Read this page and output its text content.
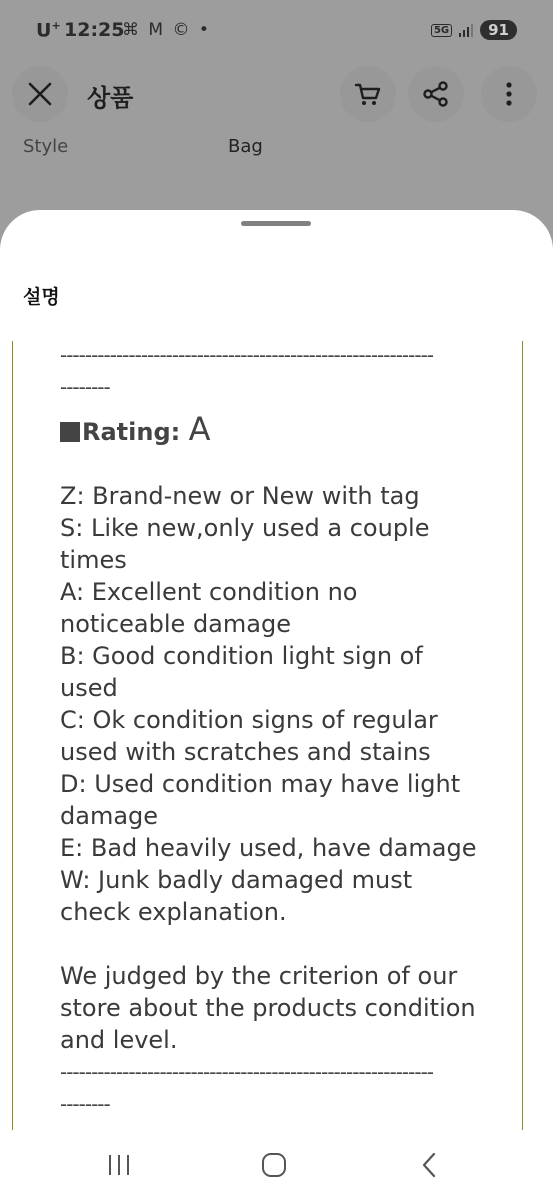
U+ 12:25
⌘ M © •	5G	91
상품
Style	Bag
설명

------------------------------------------------------------

--------

Rating: A

Z: Brand-new or New with tag

S: Like new,only used a couple

times

A: Excellent condition no

noticeable damage

B: Good condition light sign of

used

C: Ok condition signs of regular

used with scratches and stains

D: Used condition may have light

damage

E: Bad heavily used, have damage

W: Junk badly damaged must

check explanation.

We judged by the criterion of our

store about the products condition

and level.

------------------------------------------------------------

--------
